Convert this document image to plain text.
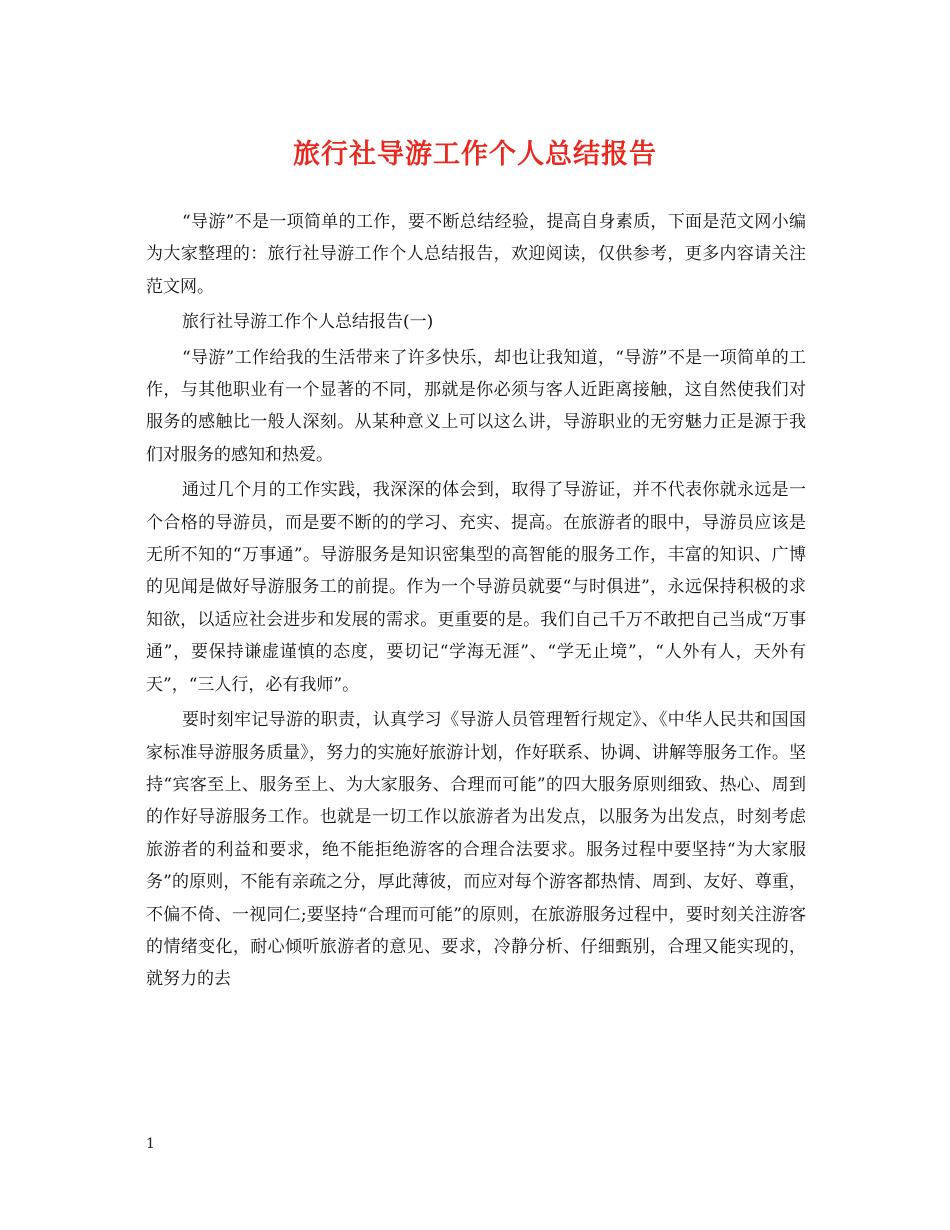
旅行社导游工作个人总结报告

“导游”不是一项简单的工作，要不断总结经验，提高自身素质，下面是范文网小编为大家整理的：旅行社导游工作个人总结报告，欢迎阅读，仅供参考，更多内容请关注范文网。

旅行社导游工作个人总结报告(一)

“导游”工作给我的生活带来了许多快乐，却也让我知道，“导游”不是一项简单的工作，与其他职业有一个显著的不同，那就是你必须与客人近距离接触，这自然使我们对服务的感触比一般人深刻。从某种意义上可以这么讲，导游职业的无穷魅力正是源于我们对服务的感知和热爱。

通过几个月的工作实践，我深深的体会到，取得了导游证，并不代表你就永远是一个合格的导游员，而是要不断的的学习、充实、提高。在旅游者的眼中，导游员应该是无所不知的“万事通”。导游服务是知识密集型的高智能的服务工作，丰富的知识、广博的见闻是做好导游服务工的前提。作为一个导游员就要“与时俱进”，永远保持积极的求知欲，以适应社会进步和发展的需求。更重要的是。我们自己千万不敢把自己当成“万事通”，要保持谦虚谨慎的态度，要切记“学海无涯”、“学无止境”，“人外有人，天外有天”，“三人行，必有我师”。

要时刻牢记导游的职责，认真学习《导游人员管理暂行规定》、《中华人民共和国国家标准导游服务质量》，努力的实施好旅游计划，作好联系、协调、讲解等服务工作。坚持“宾客至上、服务至上、为大家服务、合理而可能”的四大服务原则细致、热心、周到的作好导游服务工作。也就是一切工作以旅游者为出发点，以服务为出发点，时刻考虑旅游者的利益和要求，绝不能拒绝游客的合理合法要求。服务过程中要坚持“为大家服务”的原则，不能有亲疏之分，厚此薄彼，而应对每个游客都热情、周到、友好、尊重，不偏不倚、一视同仁;要坚持“合理而可能”的原则，在旅游服务过程中，要时刻关注游客的情绪变化，耐心倾听旅游者的意见、要求，冷静分析、仔细甄别，合理又能实现的，就努力的去

1
